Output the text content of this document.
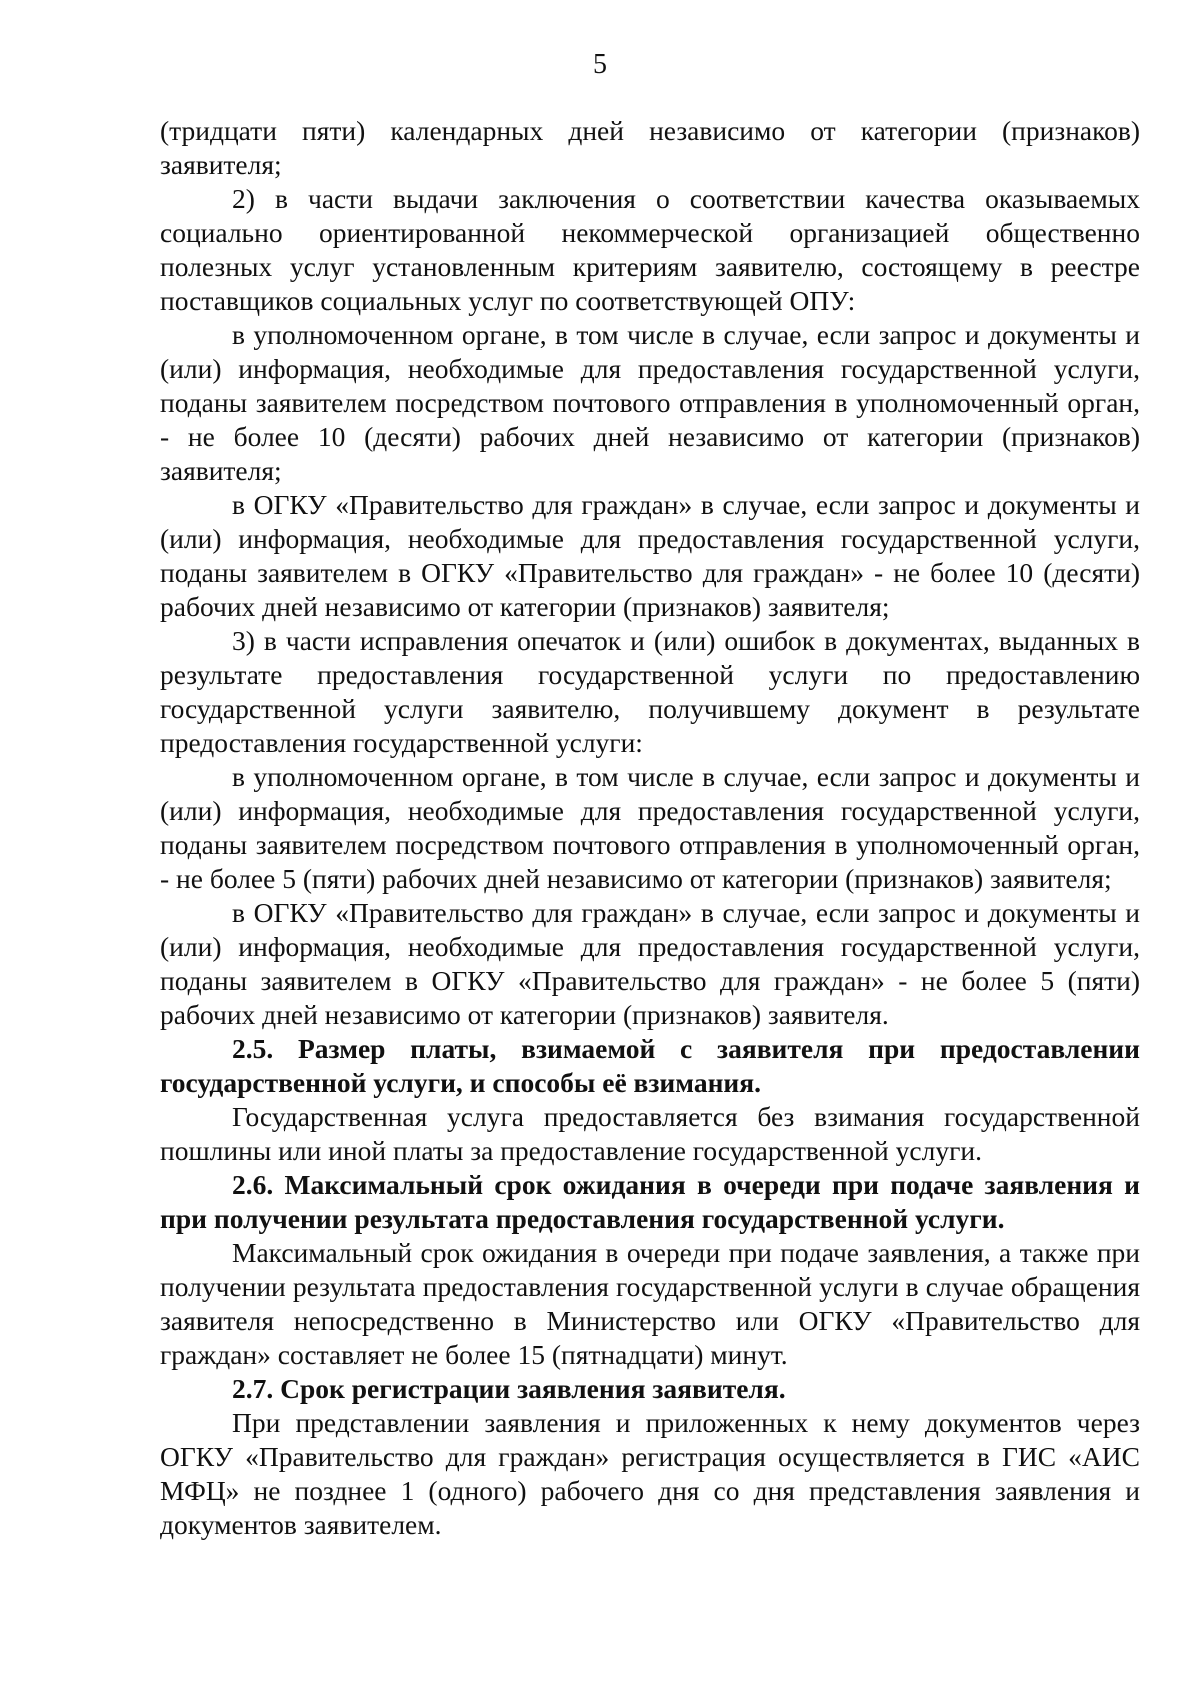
5

(тридцати пяти) календарных дней независимо от категории (признаков) заявителя;

2) в части выдачи заключения о соответствии качества оказываемых социально ориентированной некоммерческой организацией общественно полезных услуг установленным критериям заявителю, состоящему в реестре поставщиков социальных услуг по соответствующей ОПУ:

в уполномоченном органе, в том числе в случае, если запрос и документы и (или) информация, необходимые для предоставления государственной услуги, поданы заявителем посредством почтового отправления в уполномоченный орган, - не более 10 (десяти) рабочих дней независимо от категории (признаков) заявителя;

в ОГКУ «Правительство для граждан» в случае, если запрос и документы и (или) информация, необходимые для предоставления государственной услуги, поданы заявителем в ОГКУ «Правительство для граждан» - не более 10 (десяти) рабочих дней независимо от категории (признаков) заявителя;

3) в части исправления опечаток и (или) ошибок в документах, выданных в результате предоставления государственной услуги по предоставлению государственной услуги заявителю, получившему документ в результате предоставления государственной услуги:

в уполномоченном органе, в том числе в случае, если запрос и документы и (или) информация, необходимые для предоставления государственной услуги, поданы заявителем посредством почтового отправления в уполномоченный орган, - не более 5 (пяти) рабочих дней независимо от категории (признаков) заявителя;

в ОГКУ «Правительство для граждан» в случае, если запрос и документы и (или) информация, необходимые для предоставления государственной услуги, поданы заявителем в ОГКУ «Правительство для граждан» - не более 5 (пяти) рабочих дней независимо от категории (признаков) заявителя.

2.5. Размер платы, взимаемой с заявителя при предоставлении государственной услуги, и способы её взимания.

Государственная услуга предоставляется без взимания государственной пошлины или иной платы за предоставление государственной услуги.

2.6. Максимальный срок ожидания в очереди при подаче заявления и при получении результата предоставления государственной услуги.

Максимальный срок ожидания в очереди при подаче заявления, а также при получении результата предоставления государственной услуги в случае обращения заявителя непосредственно в Министерство или ОГКУ «Правительство для граждан» составляет не более 15 (пятнадцати) минут.

2.7. Срок регистрации заявления заявителя.

При представлении заявления и приложенных к нему документов через ОГКУ «Правительство для граждан» регистрация осуществляется в ГИС «АИС МФЦ» не позднее 1 (одного) рабочего дня со дня представления заявления и документов заявителем.
